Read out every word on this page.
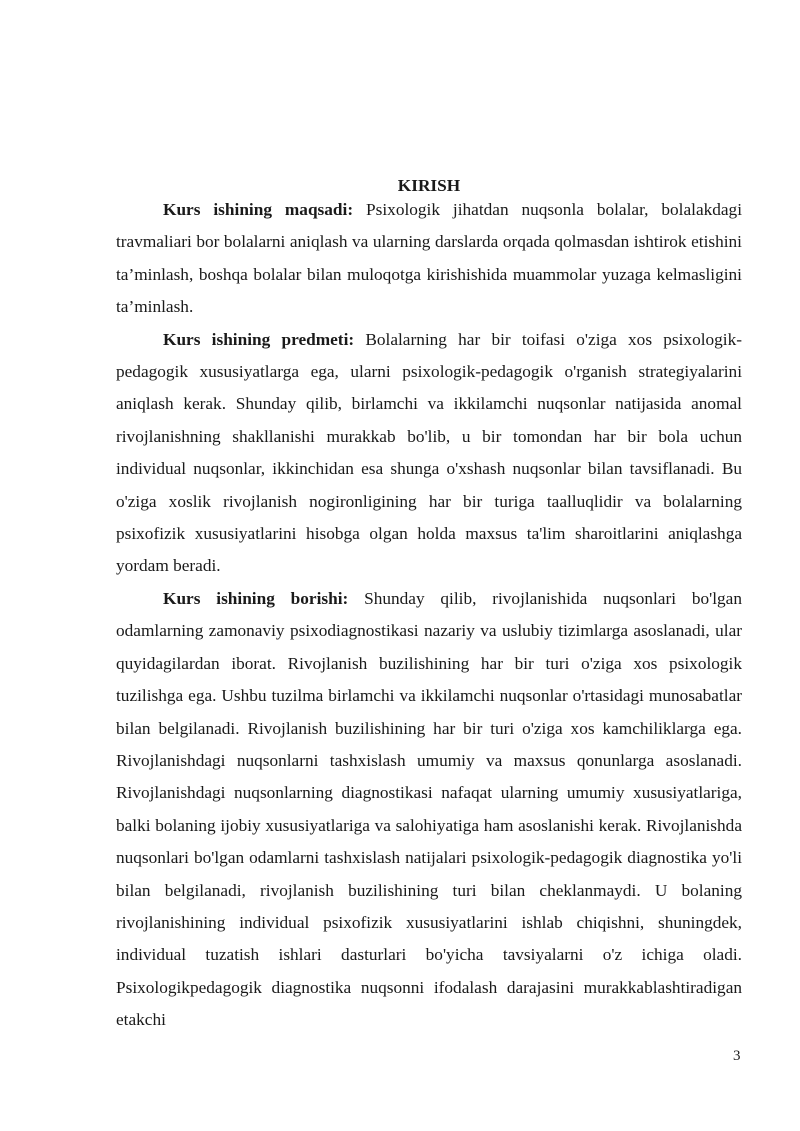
KIRISH

Kurs ishining maqsadi: Psixologik jihatdan nuqsonla bolalar, bolalakdagi travmaliari bor bolalarni aniqlash va ularning darslarda orqada qolmasdan ishtirok etishini ta’minlash, boshqa bolalar bilan muloqotga kirishishida muammolar yuzaga kelmasligini ta’minlash.

Kurs ishining predmeti: Bolalarning har bir toifasi o'ziga xos psixologik-pedagogik xususiyatlarga ega, ularni psixologik-pedagogik o'rganish strategiyalarini aniqlash kerak. Shunday qilib, birlamchi va ikkilamchi nuqsonlar natijasida anomal rivojlanishning shakllanishi murakkab bo'lib, u bir tomondan har bir bola uchun individual nuqsonlar, ikkinchidan esa shunga o'xshash nuqsonlar bilan tavsiflanadi. Bu o'ziga xoslik rivojlanish nogironligining har bir turiga taalluqlidir va bolalarning psixofizik xususiyatlarini hisobga olgan holda maxsus ta'lim sharoitlarini aniqlashga yordam beradi.

Kurs ishining borishi: Shunday qilib, rivojlanishida nuqsonlari bo'lgan odamlarning zamonaviy psixodiagnostikasi nazariy va uslubiy tizimlarga asoslanadi, ular quyidagilardan iborat. Rivojlanish buzilishining har bir turi o'ziga xos psixologik tuzilishga ega. Ushbu tuzilma birlamchi va ikkilamchi nuqsonlar o'rtasidagi munosabatlar bilan belgilanadi. Rivojlanish buzilishining har bir turi o'ziga xos kamchiliklarga ega. Rivojlanishdagi nuqsonlarni tashxislash umumiy va maxsus qonunlarga asoslanadi. Rivojlanishdagi nuqsonlarning diagnostikasi nafaqat ularning umumiy xususiyatlariga, balki bolaning ijobiy xususiyatlariga va salohiyatiga ham asoslanishi kerak. Rivojlanishda nuqsonlari bo'lgan odamlarni tashxislash natijalari psixologik-pedagogik diagnostika yo'li bilan belgilanadi, rivojlanish buzilishining turi bilan cheklanmaydi. U bolaning rivojlanishining individual psixofizik xususiyatlarini ishlab chiqishni, shuningdek, individual tuzatish ishlari dasturlari bo'yicha tavsiyalarni o'z ichiga oladi. Psixologikpedagogik diagnostika nuqsonni ifodalash darajasini murakkablashtiradigan etakchi

3
